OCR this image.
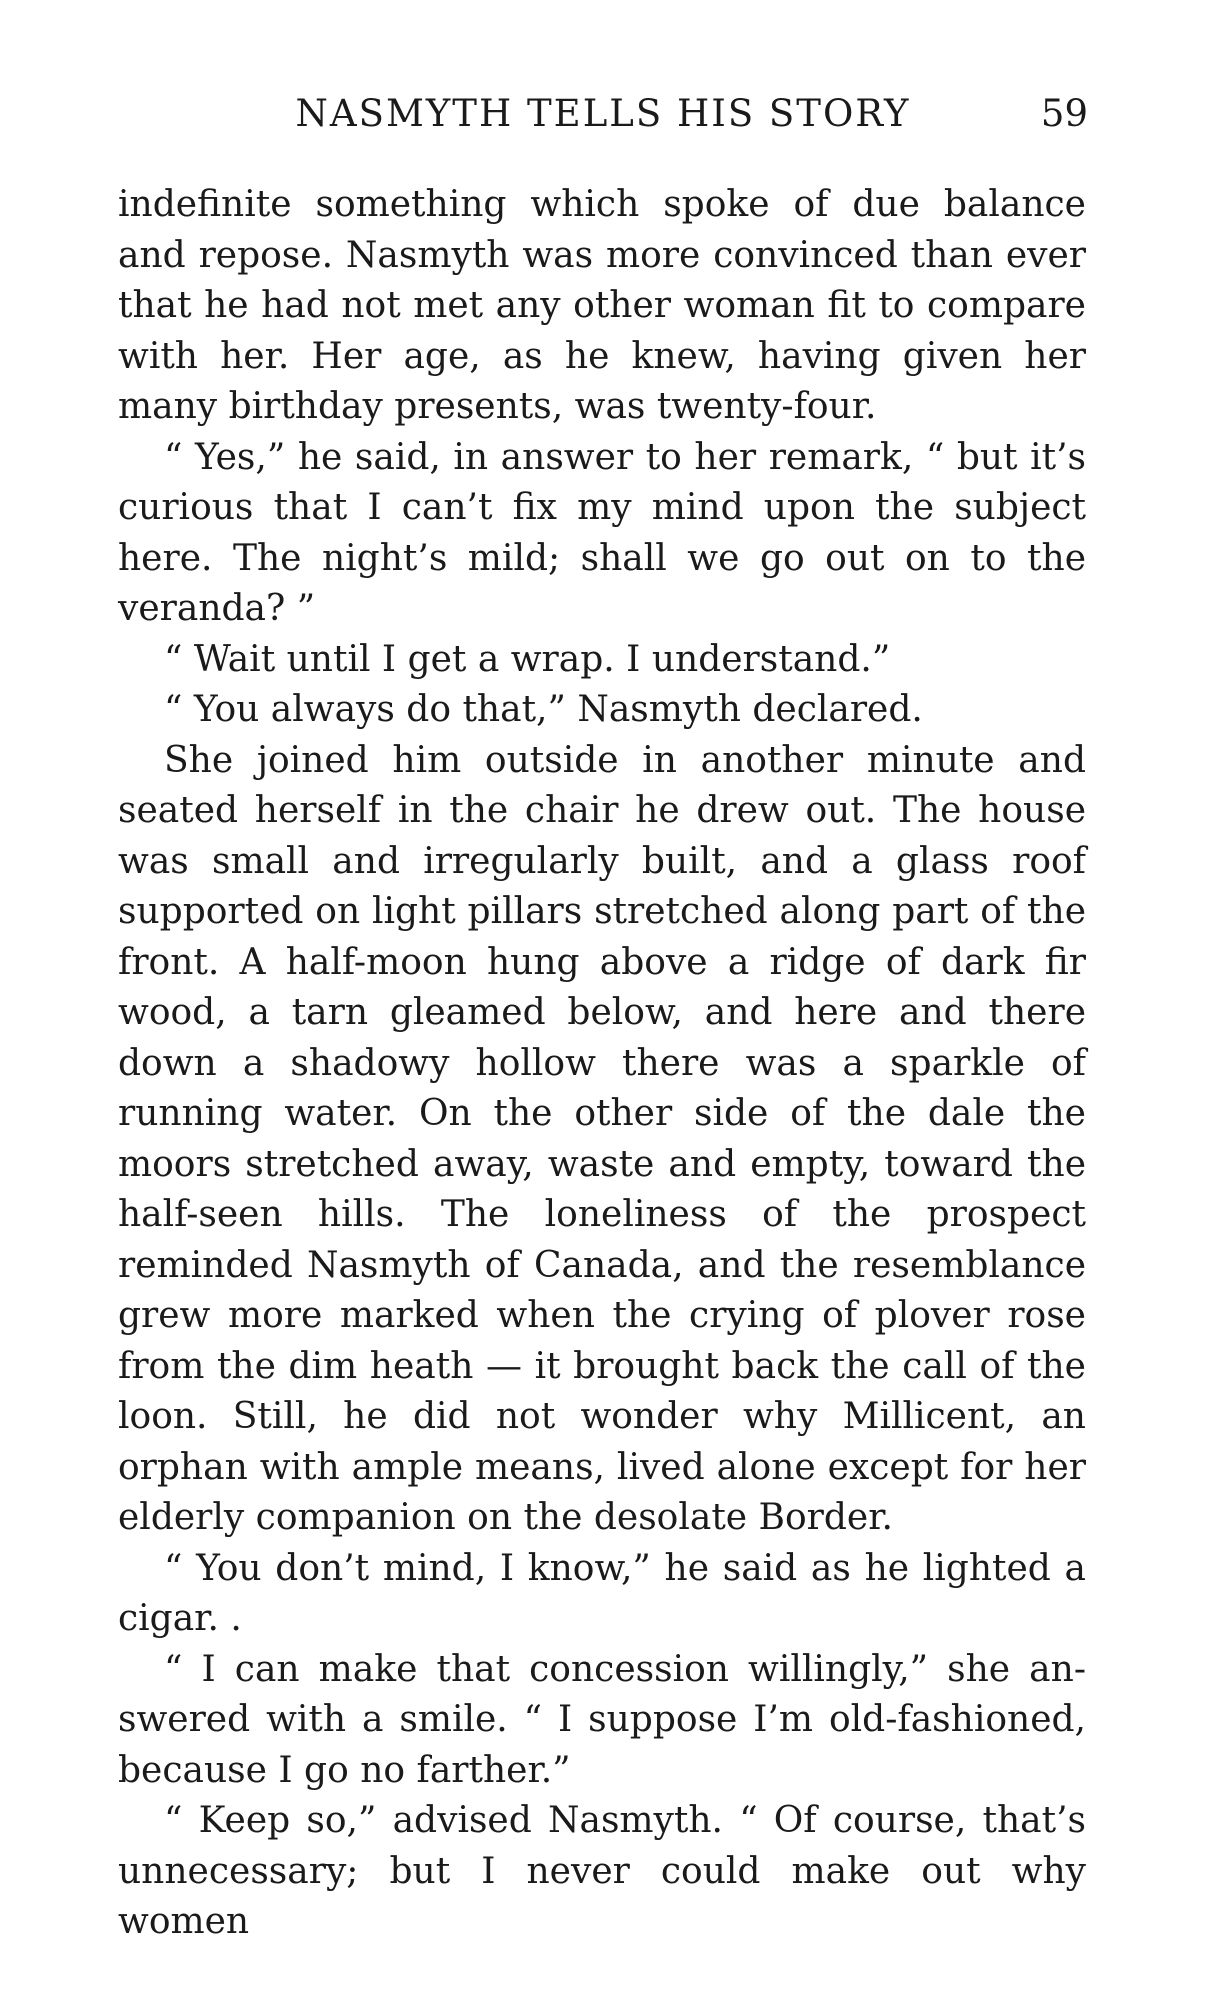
NASMYTH TELLS HIS STORY	59

indefinite something which spoke of due balance and repose. Nasmyth was more convinced than ever that he had not met any other woman fit to compare with her. Her age, as he knew, having given her many birthday presents, was twenty-four.

“ Yes,” he said, in answer to her remark, “ but it’s curious that I can’t fix my mind upon the subject here. The night’s mild; shall we go out on to the veranda? ”

“ Wait until I get a wrap. I understand.”

“ You always do that,” Nasmyth declared.

She joined him outside in another minute and seated herself in the chair he drew out. The house was small and irregularly built, and a glass roof supported on light pillars stretched along part of the front. A half-moon hung above a ridge of dark fir wood, a tarn gleamed below, and here and there down a shadowy hollow there was a sparkle of running water. On the other side of the dale the moors stretched away, waste and empty, toward the half-seen hills. The loneliness of the prospect reminded Nasmyth of Canada, and the resemblance grew more marked when the crying of plover rose from the dim heath — it brought back the call of the loon. Still, he did not wonder why Millicent, an orphan with ample means, lived alone except for her elderly companion on the desolate Border.

“ You don’t mind, I know,” he said as he lighted a cigar. .

“ I can make that concession willingly,” she answered with a smile. “ I suppose I’m old-fashioned, because I go no farther.”

“ Keep so,” advised Nasmyth. “ Of course, that’s unnecessary; but I never could make out why women
